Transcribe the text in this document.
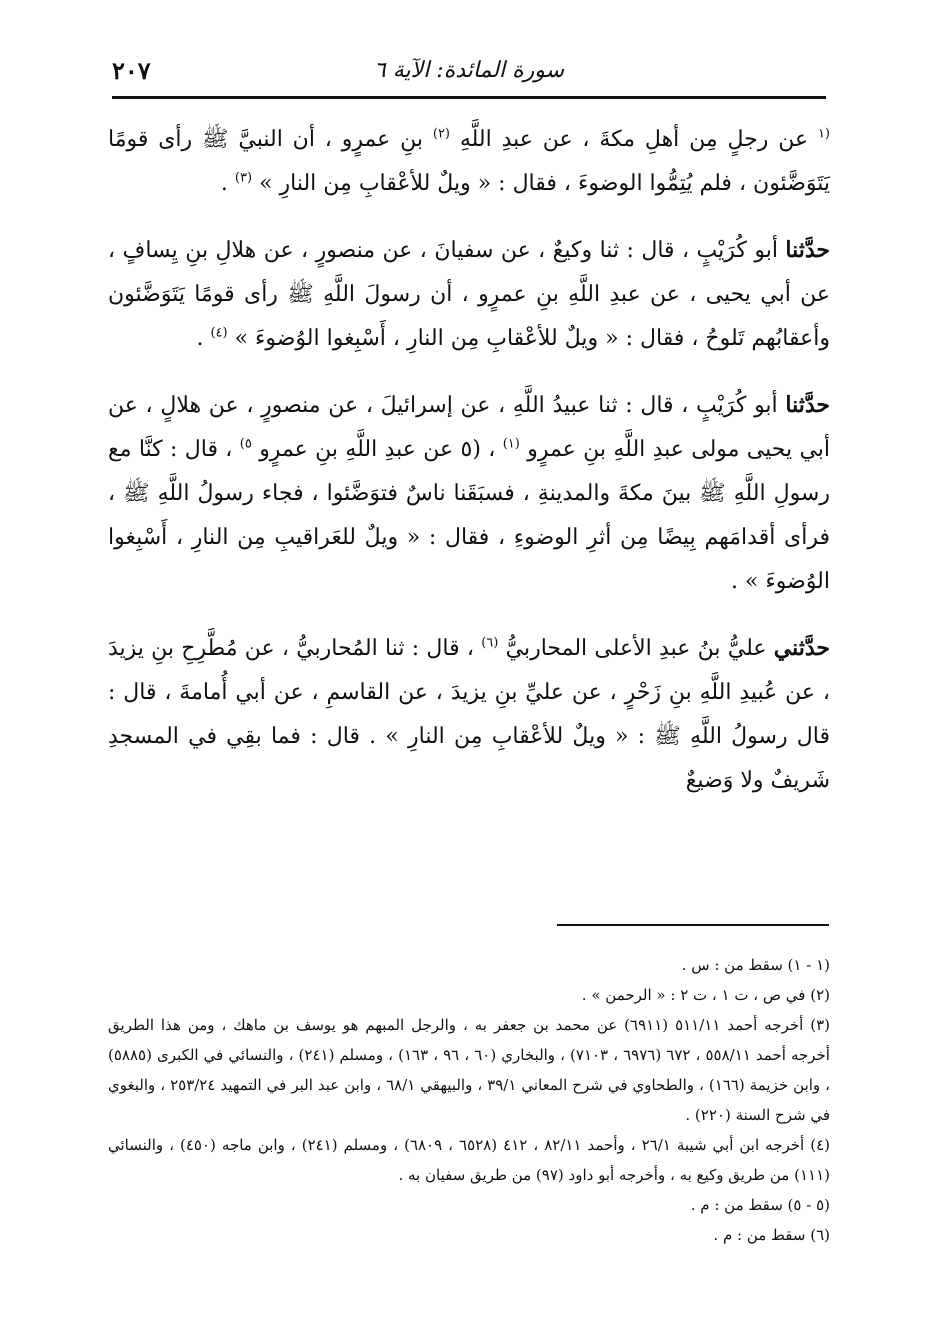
سورة المائدة: الآية ٦
٢٠٧

$^{(١}$ عن رجلٍ مِن أهلِ مكةَ ، عن عبدِ اللَّهِ $^{(٢)}$ بنِ عمرٍو ، أن النبيَّ ﷺ رأى قومًا يَتَوَضَّئون ، فلم يُتِمُّوا الوضوءَ ، فقال : « ويلٌ للأعْقابِ مِن النارِ » $^{(٣)}$ .

حدَّثنا أبو كُرَيْبٍ ، قال : ثنا وكيعٌ ، عن سفيانَ ، عن منصورٍ ، عن هلالِ بنِ يِسافٍ ، عن أبي يحيى ، عن عبدِ اللَّهِ بنِ عمرٍو ، أن رسولَ اللَّهِ ﷺ رأى قومًا يَتَوَضَّئون وأعقابُهم تَلوحُ ، فقال : « ويلٌ للأعْقابِ مِن النارِ ، أَسْبِغوا الوُضوءَ » $^{(٤)}$ .

حدَّثنا أبو كُرَيْبٍ ، قال : ثنا عبيدُ اللَّهِ ، عن إسرائيلَ ، عن منصورٍ ، عن هلالٍ ، عن أبي يحيى مولى عبدِ اللَّهِ بنِ عمرٍو $^{(١)}$ ، (٥ عن عبدِ اللَّهِ بنِ عمرٍو $^{٥)}$ ، قال : كنَّا مع رسولِ اللَّهِ ﷺ بينَ مكةَ والمدينةِ ، فسبَقَنا ناسٌ فتوَضَّئوا ، فجاء رسولُ اللَّهِ ﷺ ، فرأى أقدامَهم بِيضًا مِن أثرِ الوضوءِ ، فقال : « ويلٌ للعَراقيبِ مِن النارِ ، أَسْبِغوا الوُضوءَ » .

حدَّثني عليُّ بنُ عبدِ الأعلى المحاربيُّ $^{(٦)}$ ، قال : ثنا المُحاربيُّ ، عن مُطَّرِحِ بنِ يزيدَ ، عن عُبيدِ اللَّهِ بنِ زَحْرٍ ، عن عليِّ بنِ يزيدَ ، عن القاسمِ ، عن أبي أُمامةَ ، قال : قال رسولُ اللَّهِ ﷺ : « ويلٌ للأعْقابِ مِن النارِ » . قال : فما بقِي في المسجدِ شَريفٌ ولا وَضيعٌ

(١ - ١) سقط من : س .

(٢) في ص ، ت ١ ، ت ٢ : « الرحمن » .

(٣) أخرجه أحمد ٥١١/١١ (٦٩١١) عن محمد بن جعفر به ، والرجل المبهم هو يوسف بن ماهك ، ومن هذا الطريق أخرجه أحمد ٥٥٨/١١ ، ٦٧٢ (٦٩٧٦ ، ٧١٠٣) ، والبخاري (٦٠ ، ٩٦ ، ١٦٣) ، ومسلم (٢٤١) ، والنسائي في الكبرى (٥٨٨٥) ، وابن خزيمة (١٦٦) ، والطحاوي في شرح المعاني ٣٩/١ ، والبيهقي ٦٨/١ ، وابن عبد البر في التمهيد ٢٥٣/٢٤ ، والبغوي في شرح السنة (٢٢٠) .

(٤) أخرجه ابن أبي شيبة ٢٦/١ ، وأحمد ٨٢/١١ ، ٤١٢ (٦٥٢٨ ، ٦٨٠٩) ، ومسلم (٢٤١) ، وابن ماجه (٤٥٠) ، والنسائي (١١١) من طريق وكيع به ، وأخرجه أبو داود (٩٧) من طريق سفيان به .

(٥ - ٥) سقط من : م .

(٦) سقط من : م .
